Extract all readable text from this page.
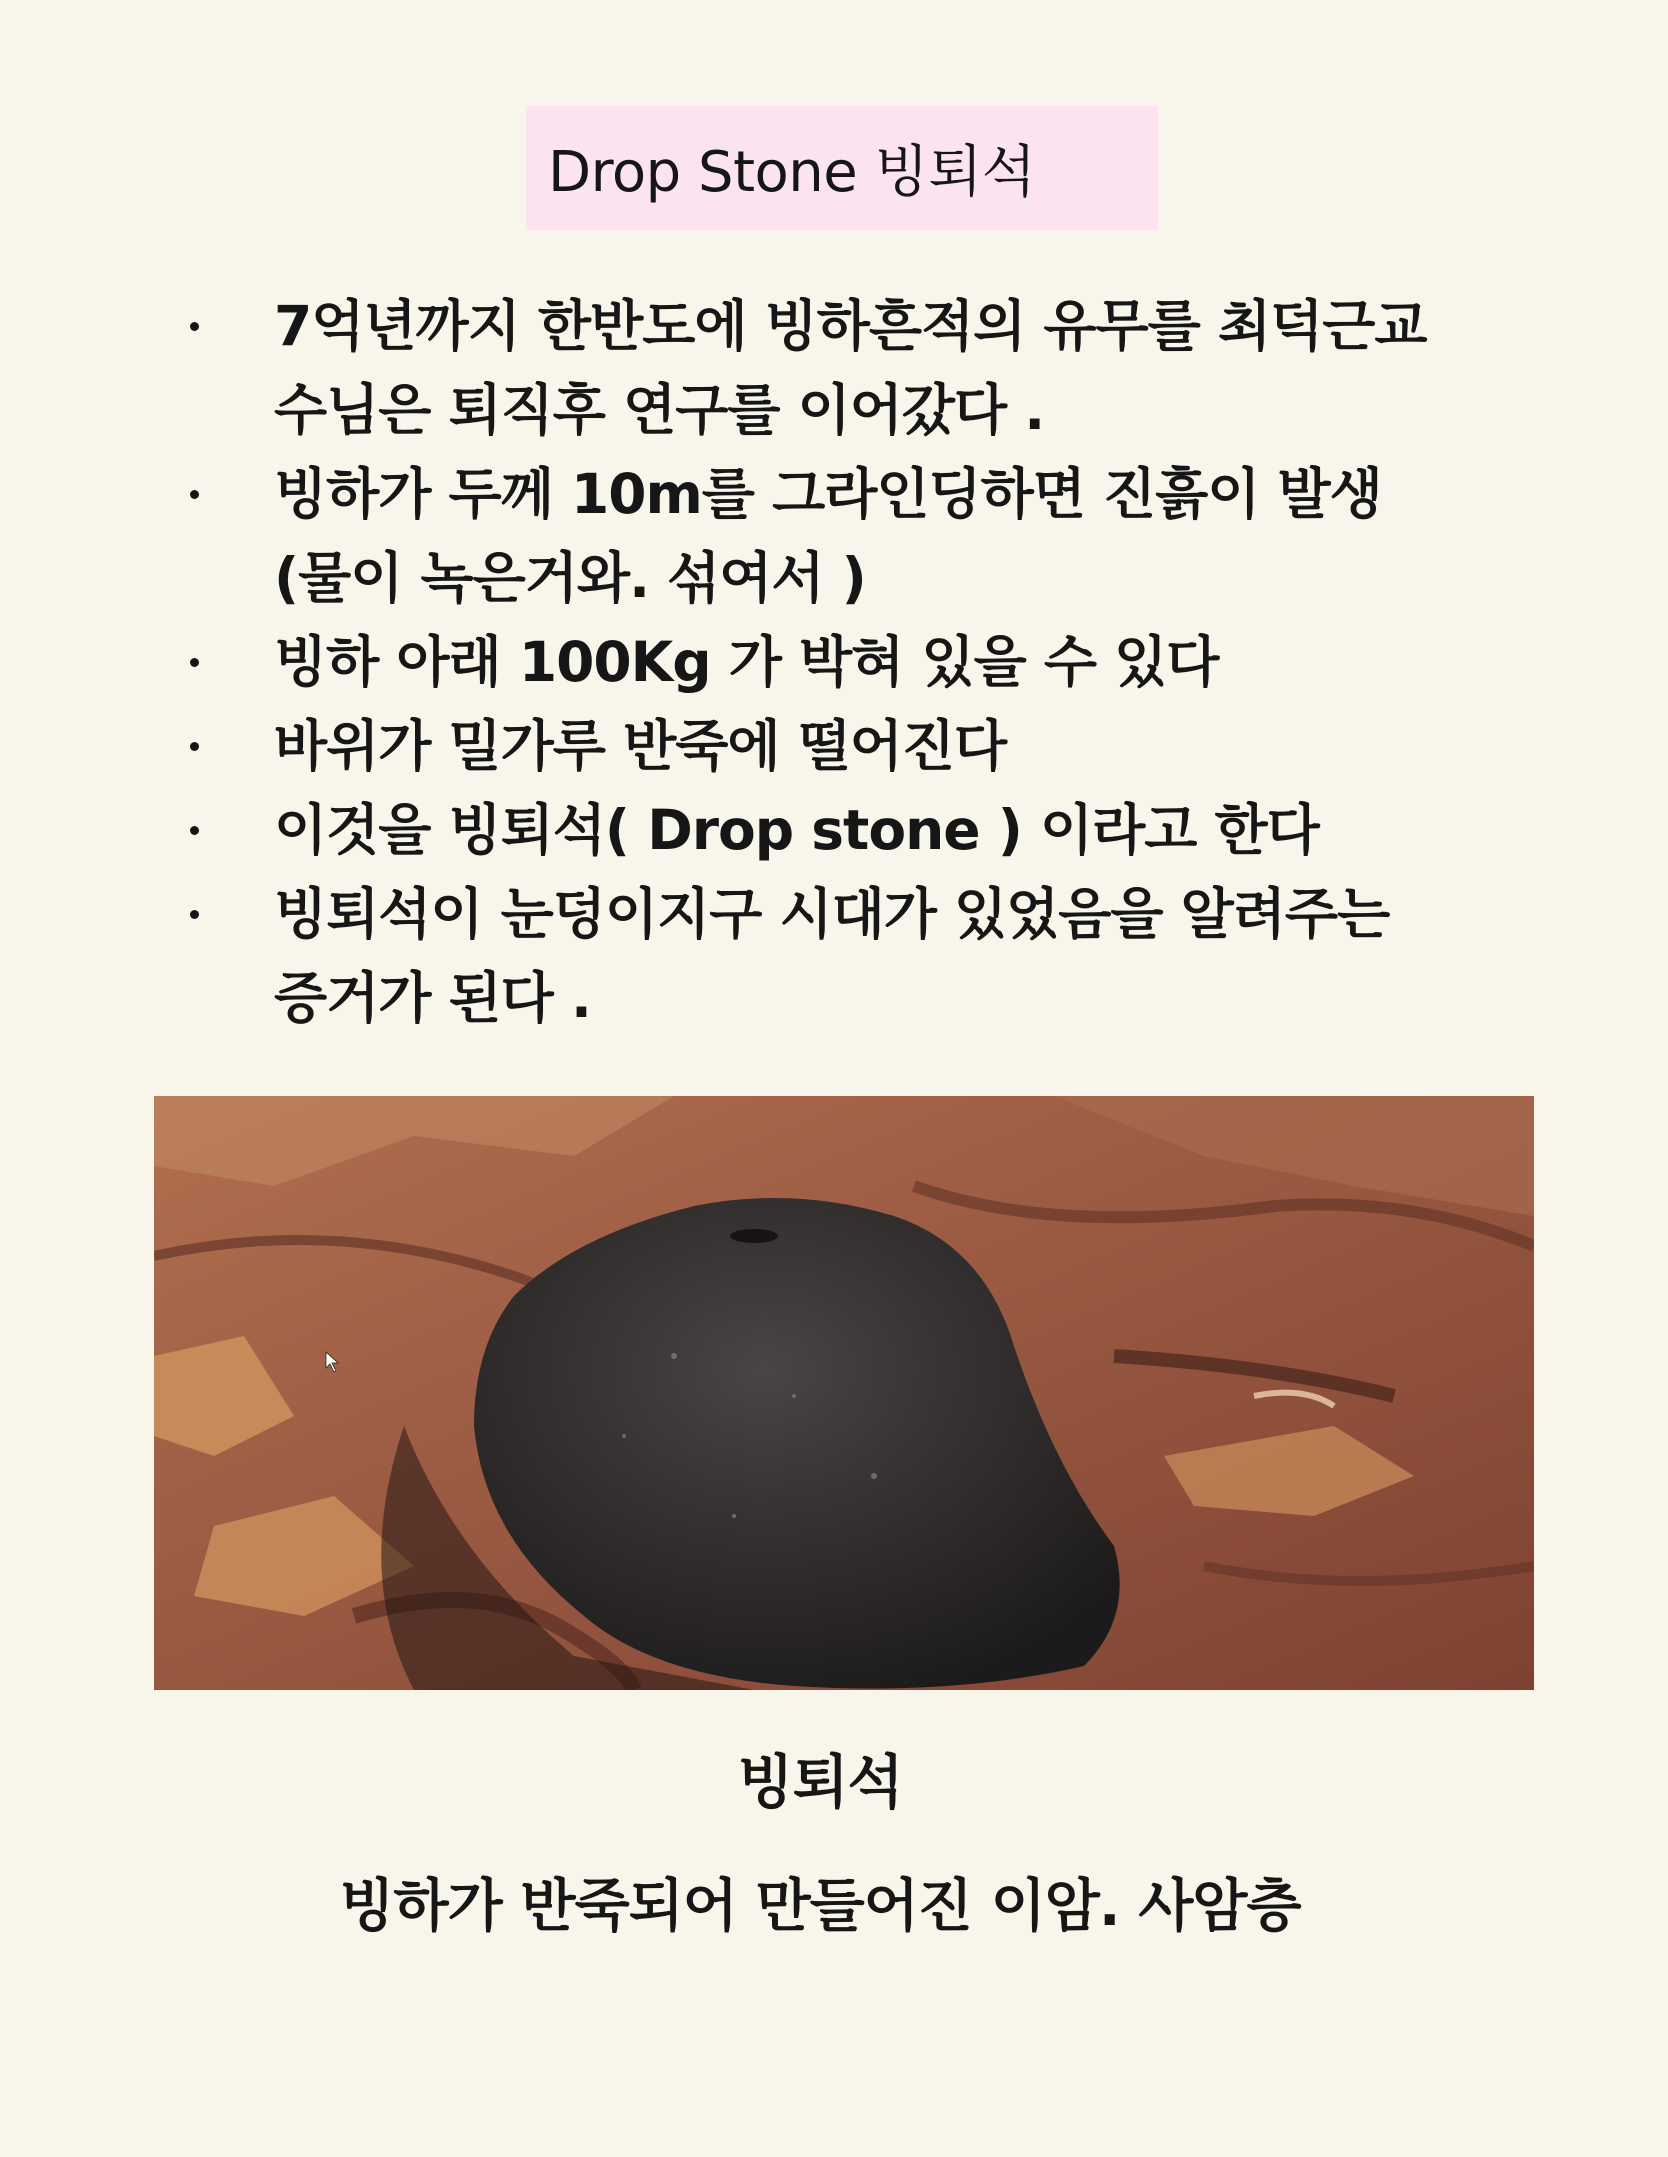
Drop Stone 빙퇴석
7억년까지 한반도에 빙하흔적의 유무를 최덕근교
수님은 퇴직후 연구를 이어갔다 .
빙하가 두께 10m를 그라인딩하면 진흙이 발생
(물이 녹은거와. 섞여서 )
빙하 아래 100Kg 가 박혀 있을 수 있다
바위가 밀가루 반죽에 떨어진다
이것을 빙퇴석( Drop stone ) 이라고 한다
빙퇴석이 눈덩이지구 시대가 있었음을 알려주는
증거가 된다 .
빙퇴석
빙하가 반죽되어 만들어진 이암. 사암층
